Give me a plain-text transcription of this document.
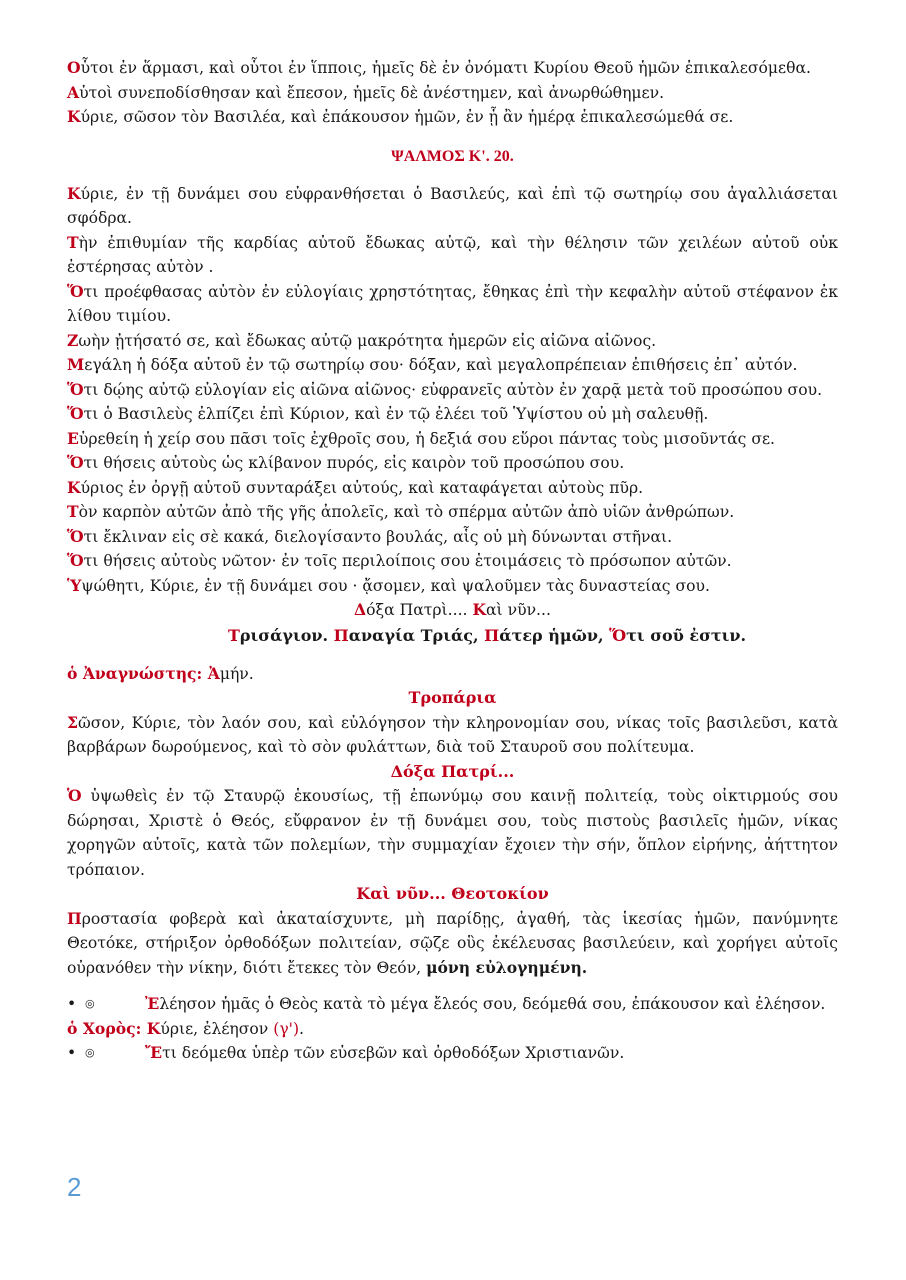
Οὗτοι ἐν ἅρμασι, καὶ οὗτοι ἐν ἵπποις, ἡμεῖς δὲ ἐν ὀνόματι Κυρίου Θεοῦ ἡμῶν ἐπικαλεσόμεθα.

Αὐτοὶ συνεποδίσθησαν καὶ ἔπεσον, ἡμεῖς δὲ ἀνέστημεν, καὶ ἀνωρθώθημεν.

Κύριε, σῶσον τὸν Βασιλέα, καὶ ἐπάκουσον ἡμῶν, ἐν ᾗ ἂν ἡμέρᾳ ἐπικαλεσώμεθά σε.

ΨΑΛΜΟΣ Κ'. 20.

Κύριε, ἐν τῇ δυνάμει σου εὐφρανθήσεται ὁ Βασιλεύς, καὶ ἐπὶ τῷ σωτηρίῳ σου ἀγαλλιάσεται σφόδρα.

Tὴν ἐπιθυμίαν τῆς καρδίας αὐτοῦ ἔδωκας αὐτῷ, καὶ τὴν θέλησιν τῶν χειλέων αὐτοῦ οὐκ ἐστέρησας αὐτὸν .

Ὅτι προέφθασας αὐτὸν ἐν εὐλογίαις χρηστότητας, ἔθηκας ἐπὶ τὴν κεφαλὴν αὐτοῦ στέφανον ἐκ λίθου τιμίου.

Zωὴν ᾐτήσατό σε, καὶ ἔδωκας αὐτῷ μακρότητα ἡμερῶν εἰς αἰῶνα αἰῶνος.

Μεγάλη ἡ δόξα αὐτοῦ ἐν τῷ σωτηρίῳ σου· δόξαν, καὶ μεγαλοπρέπειαν ἐπιθήσεις ἐπ᾿ αὐτόν.

Ὅτι δῴης αὐτῷ εὐλογίαν εἰς αἰῶνα αἰῶνος· εὐφρανεῖς αὐτὸν ἐν χαρᾷ μετὰ τοῦ προσώπου σου.

Ὅτι ὁ Βασιλεὺς ἐλπίζει ἐπὶ Κύριον, καὶ ἐν τῷ ἐλέει τοῦ Ὑψίστου οὐ μὴ σαλευθῇ.

Εὑρεθείη ἡ χείρ σου πᾶσι τοῖς ἐχθροῖς σου, ἡ δεξιά σου εὕροι πάντας τοὺς μισοῦντάς σε.

Ὅτι θήσεις αὐτοὺς ὡς κλίβανον πυρός, εἰς καιρὸν τοῦ προσώπου σου.

Κύριος ἐν ὀργῇ αὐτοῦ συνταράξει αὐτούς, καὶ καταφάγεται αὐτοὺς πῦρ.

Τὸν καρπὸν αὐτῶν ἀπὸ τῆς γῆς ἀπολεῖς, καὶ τὸ σπέρμα αὐτῶν ἀπὸ υἱῶν ἀνθρώπων.

Ὅτι ἔκλιναν εἰς σὲ κακά, διελογίσαντο βουλάς, αἷς οὐ μὴ δύνωνται στῆναι.

Ὅτι θήσεις αὐτοὺς νῶτον· ἐν τοῖς περιλοίποις σου ἑτοιμάσεις τὸ πρόσωπον αὐτῶν.

Ὑψώθητι, Κύριε, ἐν τῇ δυνάμει σου · ᾄσομεν, καὶ ψαλοῦμεν τὰς δυναστείας σου.

Δόξα Πατρὶ.... Καὶ νῦν...

Τρισάγιον. Παναγία Τριάς, Πάτερ ἡμῶν, Ὅτι σοῦ ἐστιν.

ὁ Ἀναγνώστης: Ἀμήν.

Τροπάρια

Σῶσον, Κύριε, τὸν λαόν σου, καὶ εὐλόγησον τὴν κληρονομίαν σου, νίκας τοῖς βασιλεῦσι, κατὰ βαρβάρων δωρούμενος, καὶ τὸ σὸν φυλάττων, διὰ τοῦ Σταυροῦ σου πολίτευμα.

Δόξα Πατρί...

Ὁ ὑψωθεὶς ἐν τῷ Σταυρῷ ἑκουσίως, τῇ ἐπωνύμῳ σου καινῇ πολιτείᾳ, τοὺς οἰκτιρμούς σου δώρησαι, Χριστὲ ὁ Θεός, εὔφρανον ἐν τῇ δυνάμει σου, τοὺς πιστοὺς βασιλεῖς ἡμῶν, νίκας χορηγῶν αὐτοῖς, κατὰ τῶν πολεμίων, τὴν συμμαχίαν ἔχοιεν τὴν σήν, ὅπλον εἰρήνης, ἀήττητον τρόπαιον.

Καὶ νῦν... Θεοτοκίον

Προστασία φοβερὰ καὶ ἀκαταίσχυντε, μὴ παρίδῃς, ἀγαθή, τὰς ἱκεσίας ἡμῶν, πανύμνητε Θεοτόκε, στήριξον ὀρθοδόξων πολιτείαν, σῷζε οὓς ἐκέλευσας βασιλεύειν, καὶ χορήγει αὐτοῖς οὐρανόθεν τὴν νίκην, διότι ἔτεκες τὸν Θεόν, μόνη εὐλογημένη.

• ◎	Ἐλέησον ἡμᾶς ὁ Θεὸς κατὰ τὸ μέγα ἔλεός σου, δεόμεθά σου, ἐπάκουσον καὶ ἐλέησον.

ὁ Χορὸς: Κύριε, ἐλέησον (γ').

• ◎	Ἔτι δεόμεθα ὑπὲρ τῶν εὐσεβῶν καὶ ὀρθοδόξων Χριστιανῶν.
2
